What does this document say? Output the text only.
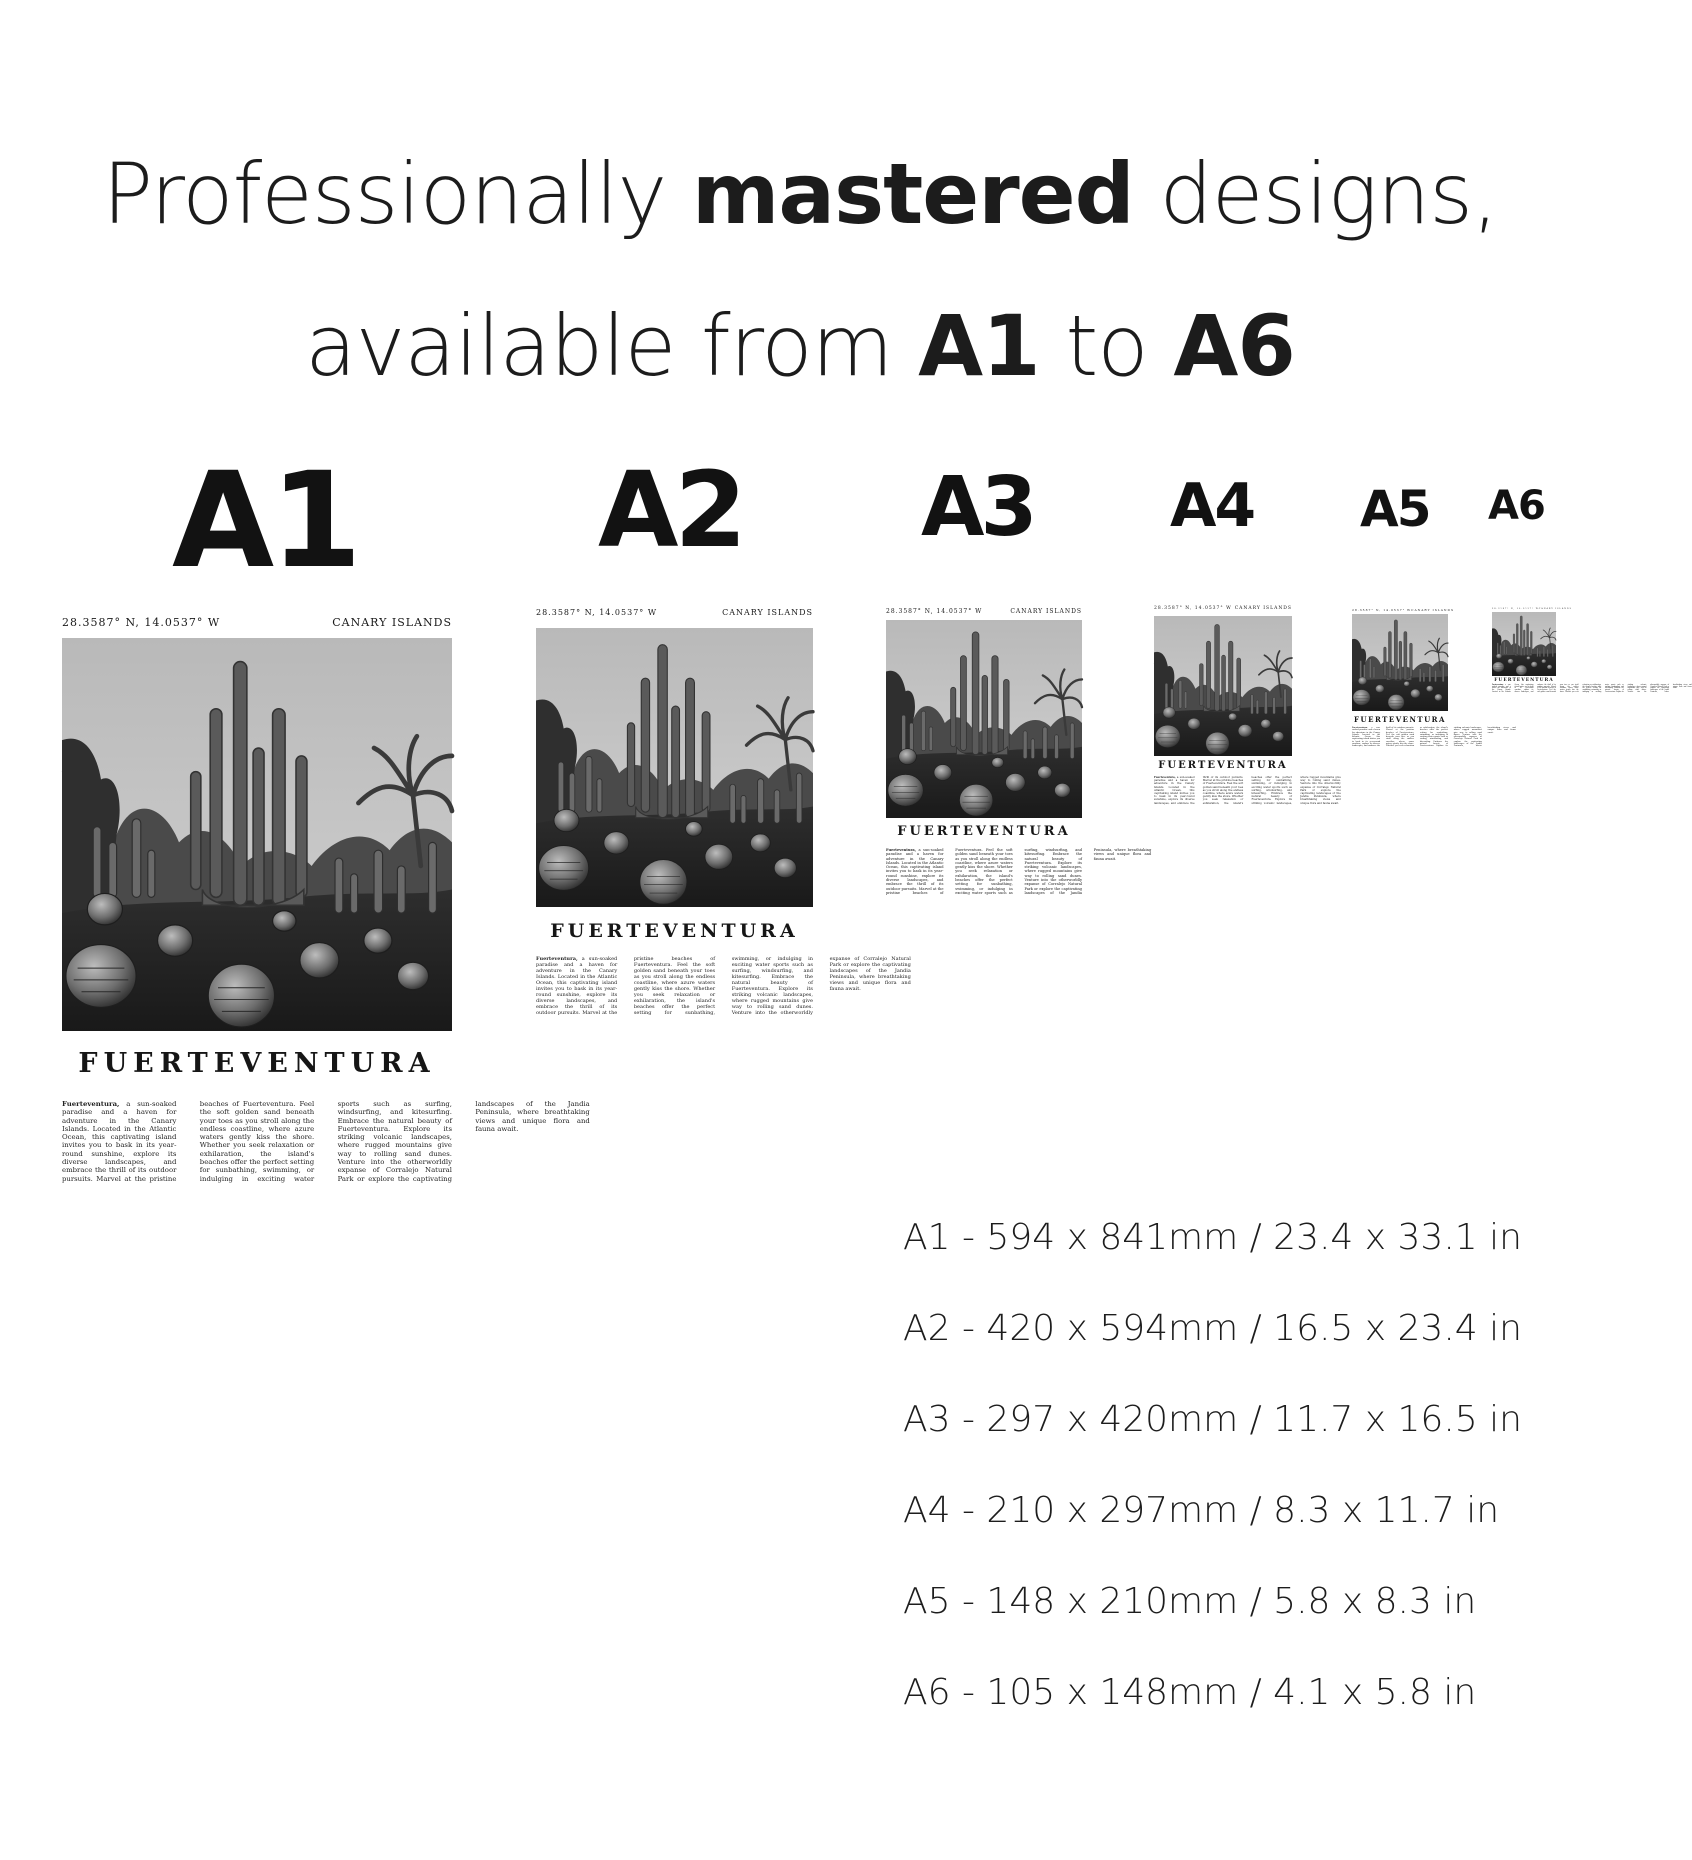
Professionally mastered designs,
available from A1 to A6
A1 A2 A3 A4 A5 A6
28.3587° N, 14.0537° W	CANARY ISLANDS
FUERTEVENTURA
Fuerteventura, a sun-soaked paradise and a haven for adventure in the Canary Islands. Located in the Atlantic Ocean, this captivating island invites you to bask in its year-round sunshine, explore its diverse landscapes, and embrace the thrill of its outdoor pursuits. Marvel at the pristine beaches of Fuerteventura. Feel the soft golden sand beneath your toes as you stroll along the endless coastline, where azure waters gently kiss the shore. Whether you seek relaxation or exhilaration, the island's beaches offer the perfect setting for sunbathing, swimming, or indulging in exciting water sports such as surfing, windsurfing, and kitesurfing. Embrace the natural beauty of Fuerteventura. Explore its striking volcanic landscapes, where rugged mountains give way to rolling sand dunes. Venture into the otherworldly expanse of Corralejo Natural Park or explore the captivating landscapes of the Jandia Peninsula, where breathtaking views and unique flora and fauna await.
28.3587° N, 14.0537° W	CANARY ISLANDS
FUERTEVENTURA
Fuerteventura, a sun-soaked paradise and a haven for adventure in the Canary Islands. Located in the Atlantic Ocean, this captivating island invites you to bask in its year-round sunshine, explore its diverse landscapes, and embrace the thrill of its outdoor pursuits. Marvel at the pristine beaches of Fuerteventura. Feel the soft golden sand beneath your toes as you stroll along the endless coastline, where azure waters gently kiss the shore. Whether you seek relaxation or exhilaration, the island's beaches offer the perfect setting for sunbathing, swimming, or indulging in exciting water sports such as surfing, windsurfing, and kitesurfing. Embrace the natural beauty of Fuerteventura. Explore its striking volcanic landscapes, where rugged mountains give way to rolling sand dunes. Venture into the otherworldly expanse of Corralejo Natural Park or explore the captivating landscapes of the Jandia Peninsula, where breathtaking views and unique flora and fauna await.
28.3587° N, 14.0537° W	CANARY ISLANDS
FUERTEVENTURA
Fuerteventura, a sun-soaked paradise and a haven for adventure in the Canary Islands. Located in the Atlantic Ocean, this captivating island invites you to bask in its year-round sunshine, explore its diverse landscapes, and embrace the thrill of its outdoor pursuits. Marvel at the pristine beaches of Fuerteventura. Feel the soft golden sand beneath your toes as you stroll along the endless coastline, where azure waters gently kiss the shore. Whether you seek relaxation or exhilaration, the island's beaches offer the perfect setting for sunbathing, swimming, or indulging in exciting water sports such as surfing, windsurfing, and kitesurfing. Embrace the natural beauty of Fuerteventura. Explore its striking volcanic landscapes, where rugged mountains give way to rolling sand dunes. Venture into the otherworldly expanse of Corralejo Natural Park or explore the captivating landscapes of the Jandia Peninsula, where breathtaking views and unique flora and fauna await.
28.3587° N, 14.0537° W CANARY ISLANDS
FUERTEVENTURA
Fuerteventura, a sun-soaked paradise and a haven for adventure in the Canary Islands. Located in the Atlantic Ocean, this captivating island invites you to bask in its year-round sunshine, explore its diverse landscapes, and embrace the thrill of its outdoor pursuits. Marvel at the pristine beaches of Fuerteventura. Feel the soft golden sand beneath your toes as you stroll along the endless coastline, where azure waters gently kiss the shore. Whether you seek relaxation or exhilaration, the island's beaches offer the perfect setting for sunbathing, swimming, or indulging in exciting water sports such as surfing, windsurfing, and kitesurfing. Embrace the natural beauty of Fuerteventura. Explore its striking volcanic landscapes, where rugged mountains give way to rolling sand dunes. Venture into the otherworldly expanse of Corralejo Natural Park or explore the captivating landscapes of the Jandia Peninsula, where breathtaking views and unique flora and fauna await.
28.3587° N, 14.0537° W CANARY ISLANDS
FUERTEVENTURA
Fuerteventura, a sun-soaked paradise and a haven for adventure in the Canary Islands. Located in the Atlantic Ocean, this captivating island invites you to bask in its year-round sunshine, explore its diverse landscapes, and embrace the thrill of its outdoor pursuits. Marvel at the pristine beaches of Fuerteventura. Feel the soft golden sand beneath your toes as you stroll along the endless coastline, where azure waters gently kiss the shore. Whether you seek relaxation or exhilaration, the island's beaches offer the perfect setting for sunbathing, swimming, or indulging in exciting water sports such as surfing, windsurfing, and kitesurfing. Embrace the natural beauty of Fuerteventura. Explore its striking volcanic landscapes, where rugged mountains give way to rolling sand dunes. Venture into the otherworldly expanse of Corralejo Natural Park or explore the captivating landscapes of the Jandia Peninsula, where breathtaking views and unique flora and fauna await.
28.3587° N, 14.0537° W CANARY ISLANDS
FUERTEVENTURA
Fuerteventura, a sun-soaked paradise and a haven for adventure in the Canary Islands. Located in the Atlantic Ocean, this captivating island invites you to bask in its year-round sunshine, explore its diverse landscapes, and embrace the thrill of its outdoor pursuits. Marvel at the pristine beaches of Fuerteventura. Feel the soft golden sand beneath your toes as you stroll along the endless coastline, where azure waters gently kiss the shore. Whether you seek relaxation or exhilaration, the island's beaches offer the perfect setting for sunbathing, swimming, or indulging in exciting water sports such as surfing, windsurfing, and kitesurfing. Embrace the natural beauty of Fuerteventura. Explore its striking volcanic landscapes, where rugged mountains give way to rolling sand dunes. Venture into the otherworldly expanse of Corralejo Natural Park or explore the captivating landscapes of the Jandia Peninsula, where breathtaking views and unique flora and fauna await.
A1 - 594 x 841mm / 23.4 x 33.1 in
A2 - 420 x 594mm / 16.5 x 23.4 in
A3 - 297 x 420mm / 11.7 x 16.5 in
A4 - 210 x 297mm / 8.3 x 11.7 in
A5 - 148 x 210mm / 5.8 x 8.3 in
A6 - 105 x 148mm / 4.1 x 5.8 in
